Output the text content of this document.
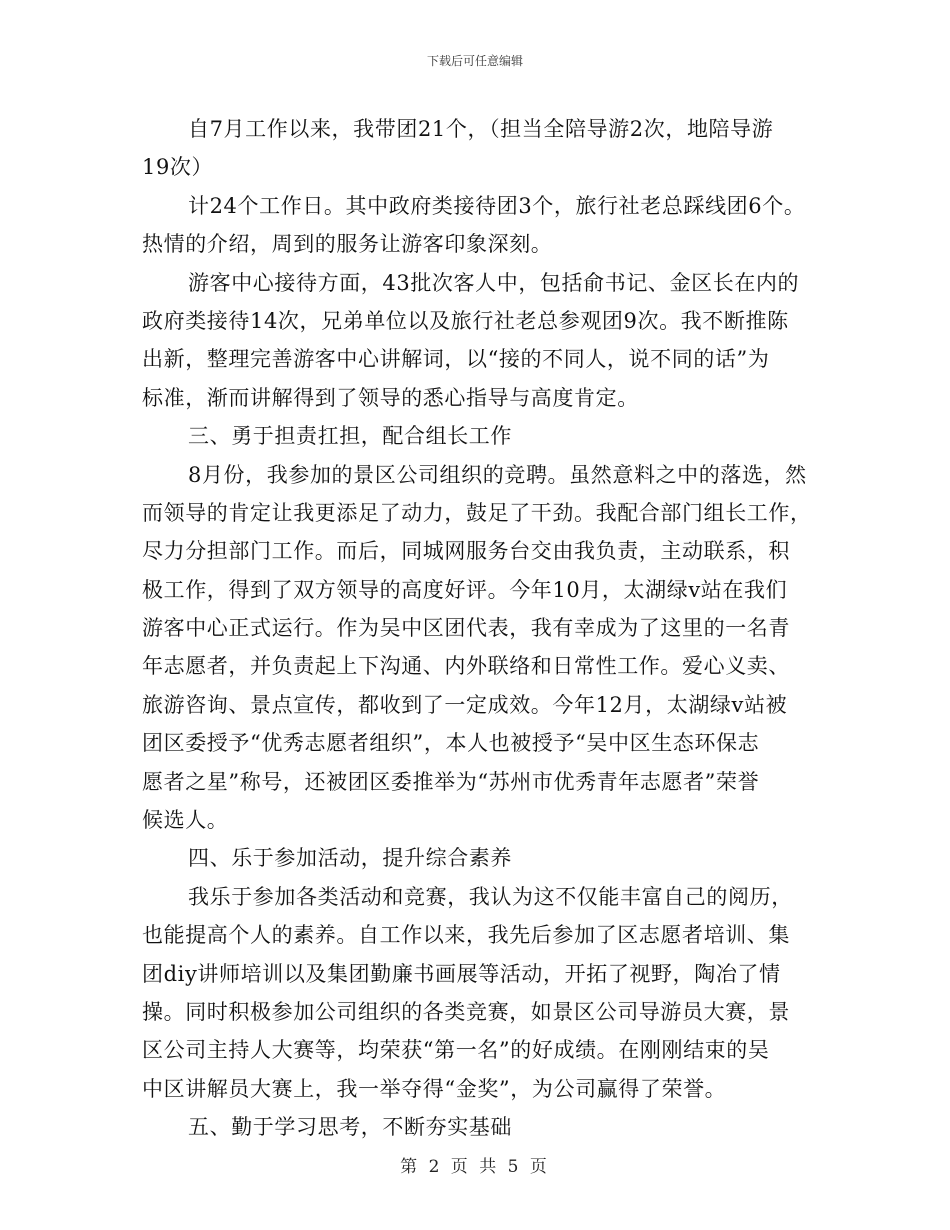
下载后可任意编辑
自7月工作以来，我带团21个，（担当全陪导游2次，地陪导游
19次）
计24个工作日。其中政府类接待团3个，旅行社老总踩线团6个。
热情的介绍，周到的服务让游客印象深刻。
游客中心接待方面，43批次客人中，包括俞书记、金区长在内的
政府类接待14次，兄弟单位以及旅行社老总参观团9次。我不断推陈
出新，整理完善游客中心讲解词，以“接的不同人，说不同的话”为
标准，渐而讲解得到了领导的悉心指导与高度肯定。
三、勇于担责扛担，配合组长工作
8月份，我参加的景区公司组织的竞聘。虽然意料之中的落选，然
而领导的肯定让我更添足了动力，鼓足了干劲。我配合部门组长工作，
尽力分担部门工作。而后，同城网服务台交由我负责，主动联系，积
极工作，得到了双方领导的高度好评。今年10月，太湖绿v站在我们
游客中心正式运行。作为吴中区团代表，我有幸成为了这里的一名青
年志愿者，并负责起上下沟通、内外联络和日常性工作。爱心义卖、
旅游咨询、景点宣传，都收到了一定成效。今年12月，太湖绿v站被
团区委授予“优秀志愿者组织”，本人也被授予“吴中区生态环保志
愿者之星”称号，还被团区委推举为“苏州市优秀青年志愿者”荣誉
候选人。
四、乐于参加活动，提升综合素养
我乐于参加各类活动和竞赛，我认为这不仅能丰富自己的阅历，
也能提高个人的素养。自工作以来，我先后参加了区志愿者培训、集
团diy讲师培训以及集团勤廉书画展等活动，开拓了视野，陶冶了情
操。同时积极参加公司组织的各类竞赛，如景区公司导游员大赛，景
区公司主持人大赛等，均荣获“第一名”的好成绩。在刚刚结束的吴
中区讲解员大赛上，我一举夺得“金奖”，为公司赢得了荣誉。
五、勤于学习思考，不断夯实基础
第 2 页 共 5 页
